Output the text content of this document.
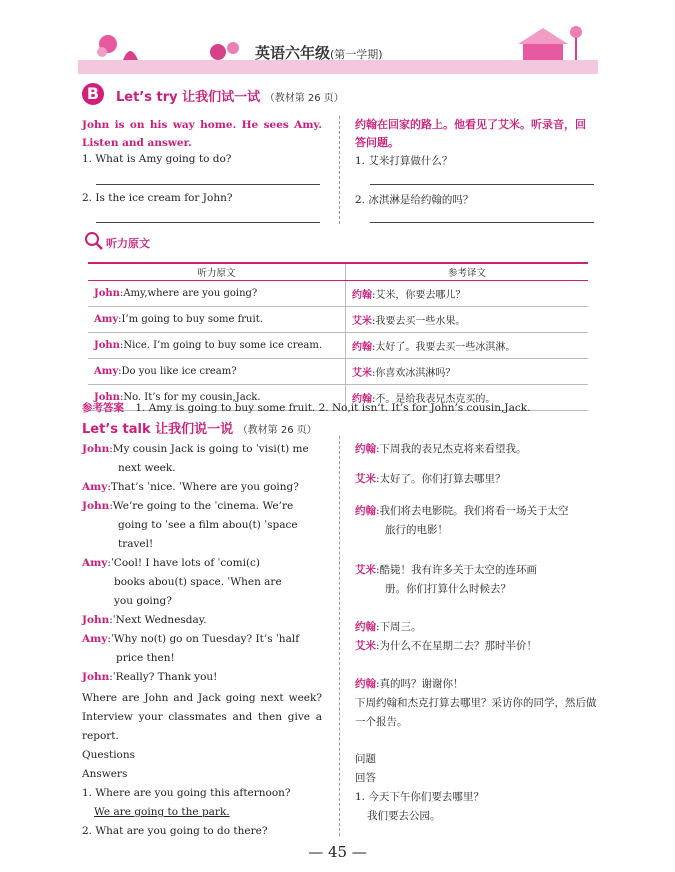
英语六年级(第一学期)
B	Let’s try 让我们试一试 （教材第 26 页）
John is on his way home. He sees Amy. Listen and answer.
1. What is Amy going to do?
2. Is the ice cream for John?
约翰在回家的路上。他看见了艾米。听录音，回答问题。
1. 艾米打算做什么？
2. 冰淇淋是给约翰的吗？
听力原文
听力原文	参考译文
John:Amy,where are you going?	约翰:艾米，你要去哪儿？
Amy:I’m going to buy some fruit.	艾米:我要去买一些水果。
John:Nice. I’m going to buy some ice cream.	约翰:太好了。我要去买一些冰淇淋。
Amy:Do you like ice cream?	艾米:你喜欢冰淇淋吗？
John:No. It’s for my cousin,Jack.	约翰:不。是给我表兄杰克买的。
参考答案 1. Amy is going to buy some fruit. 2. No,it isn’t. It’s for John’s cousin,Jack.
Let’s talk 让我们说一说 （教材第 26 页）
John:My cousin Jack is going to ˈvisi(t) me
next week.
Amy:That’s ˈnice. ˈWhere are you going?
John:We’re going to the ˈcinema. We’re
going to ˈsee a film abou(t) ˈspace
travel!
Amy:ˈCool! I have lots of ˈcomi(c)
books abou(t) space. ˈWhen are
you going?
John:ˈNext Wednesday.
Amy:ˈWhy no(t) go on Tuesday? It’s ˈhalf
price then!
John:ˈReally? Thank you!
Where are John and Jack going next week? Interview your classmates and then give a report.
Questions
Answers
1. Where are you going this afternoon?
We are going to the park.
2. What are you going to do there?
约翰:下周我的表兄杰克将来看望我。
艾米:太好了。你们打算去哪里？
约翰:我们将去电影院。我们将看一场关于太空
旅行的电影！
艾米:酷毙！我有许多关于太空的连环画
册。你们打算什么时候去？
约翰:下周三。
艾米:为什么不在星期二去？那时半价！
约翰:真的吗？谢谢你！
下周约翰和杰克打算去哪里？采访你的同学，然后做一个报告。
问题
回答
1. 今天下午你们要去哪里？
我们要去公园。
— 45 —
